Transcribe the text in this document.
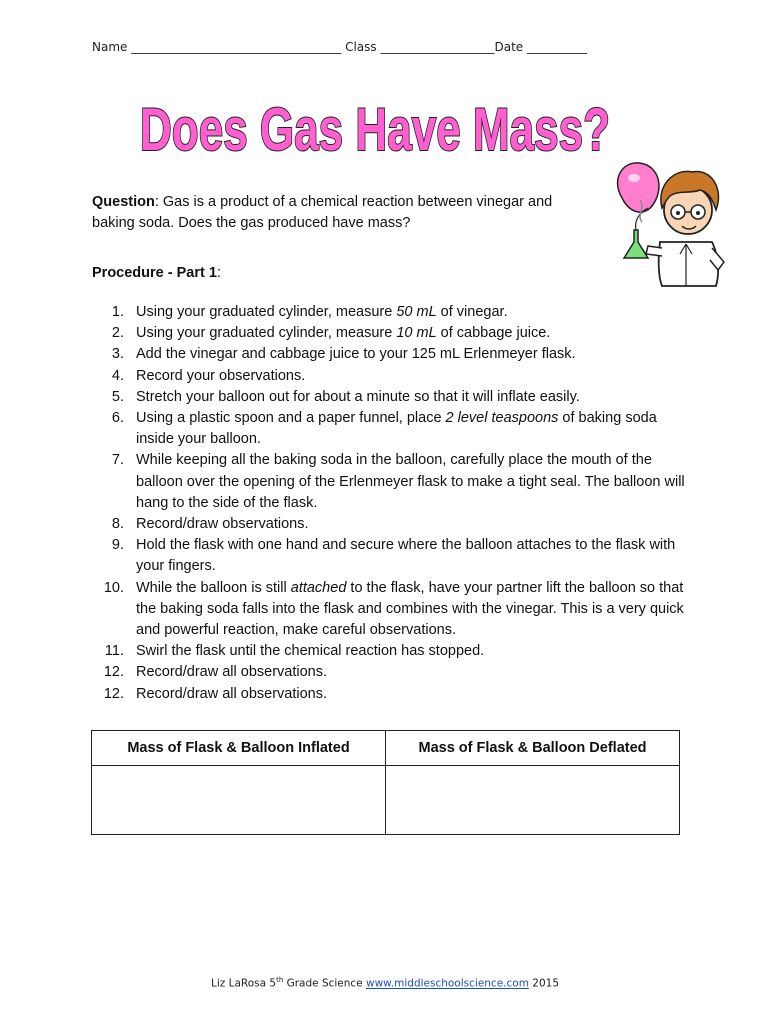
Name ___________________________________ Class ___________________Date __________
Does Gas Have Mass?
Question: Gas is a product of a chemical reaction between vinegar and baking soda. Does the gas produced have mass?
Procedure - Part 1:
1. Using your graduated cylinder, measure 50 mL of vinegar.
2. Using your graduated cylinder, measure 10 mL of cabbage juice.
3. Add the vinegar and cabbage juice to your 125 mL Erlenmeyer flask.
4. Record your observations.
5. Stretch your balloon out for about a minute so that it will inflate easily.
6. Using a plastic spoon and a paper funnel, place 2 level teaspoons of baking soda inside your balloon.
7. While keeping all the baking soda in the balloon, carefully place the mouth of the balloon over the opening of the Erlenmeyer flask to make a tight seal. The balloon will hang to the side of the flask.
8. Record/draw observations.
9. Hold the flask with one hand and secure where the balloon attaches to the flask with your fingers.
10. While the balloon is still attached to the flask, have your partner lift the balloon so that the baking soda falls into the flask and combines with the vinegar. This is a very quick and powerful reaction, make careful observations.
11. Swirl the flask until the chemical reaction has stopped.
12. Record/draw all observations.
12. Record/draw all observations.
Mass of Flask & Balloon Inflated	Mass of Flask & Balloon Deflated

Liz LaRosa 5th Grade Science www.middleschoolscience.com 2015
